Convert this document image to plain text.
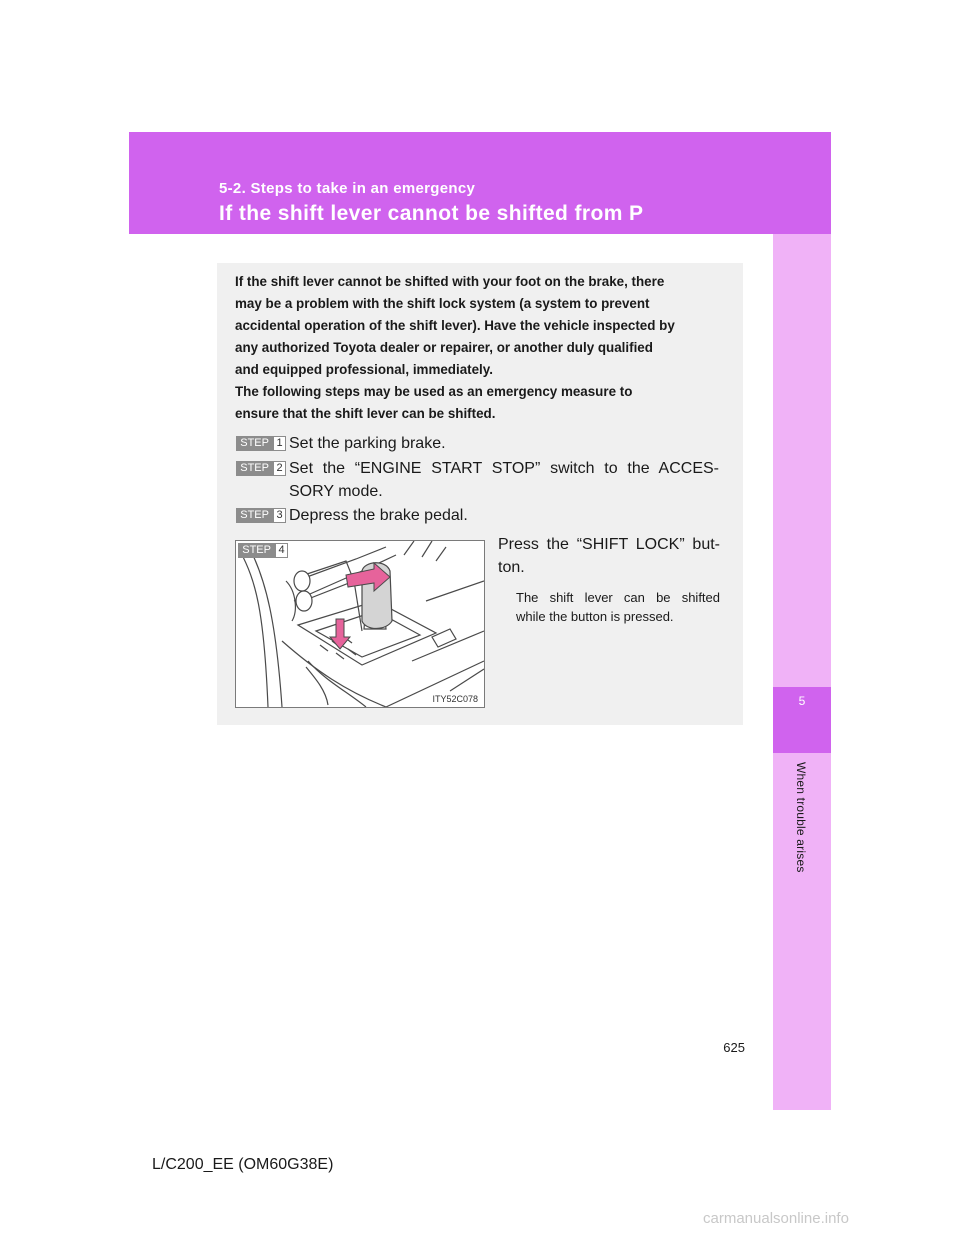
5-2. Steps to take in an emergency
If the shift lever cannot be shifted from P
5
When trouble arises

If the shift lever cannot be shifted with your foot on the brake, there
may be a problem with the shift lock system (a system to prevent
accidental operation of the shift lever). Have the vehicle inspected by
any authorized Toyota dealer or repairer, or another duly qualified
and equipped professional, immediately.
The following steps may be used as an emergency measure to
ensure that the shift lever can be shifted.

STEP 1 Set the parking brake.
STEP 2 Set the “ENGINE START STOP” switch to the ACCES-
SORY mode.
STEP 3 Depress the brake pedal.
STEP 4
ITY52C078
Press the “SHIFT LOCK” but-
ton.
The shift lever can be shifted
while the button is pressed.
625
L/C200_EE (OM60G38E)
carmanualsonline.info
